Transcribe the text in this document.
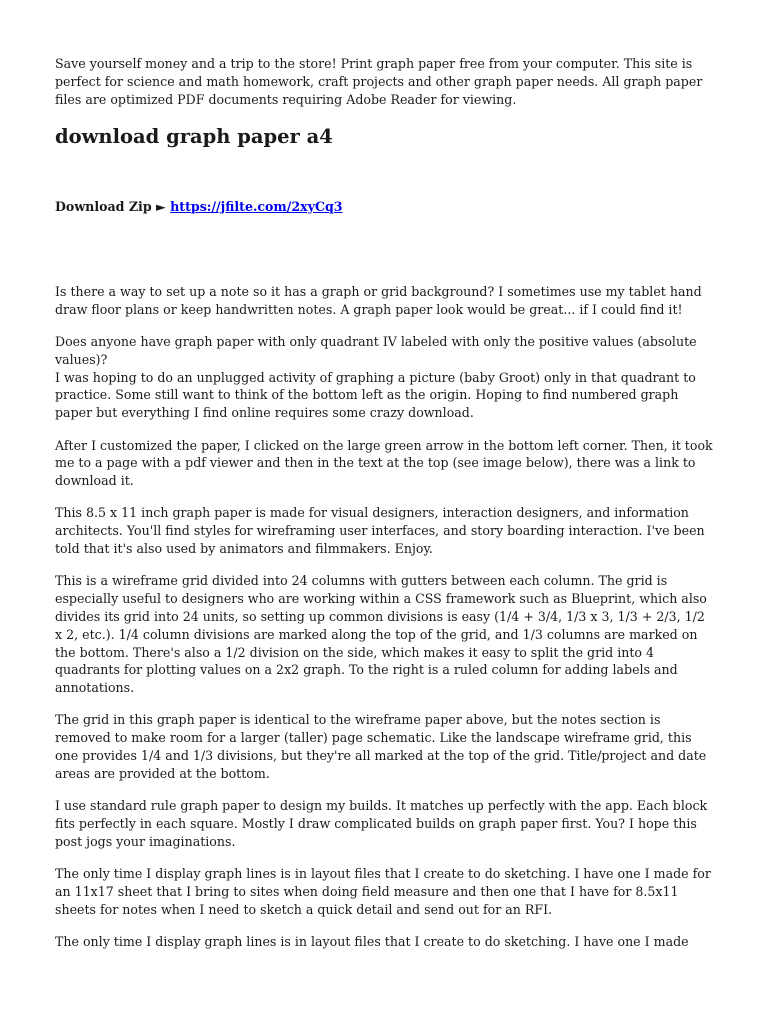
Save yourself money and a trip to the store! Print graph paper free from your computer. This site is perfect for science and math homework, craft projects and other graph paper needs. All graph paper files are optimized PDF documents requiring Adobe Reader for viewing.

download graph paper a4
Download Zip ► https://jfilte.com/2xyCq3

Is there a way to set up a note so it has a graph or grid background? I sometimes use my tablet hand draw floor plans or keep handwritten notes. A graph paper look would be great... if I could find it!

Does anyone have graph paper with only quadrant IV labeled with only the positive values (absolute values)?
I was hoping to do an unplugged activity of graphing a picture (baby Groot) only in that quadrant to practice. Some still want to think of the bottom left as the origin. Hoping to find numbered graph paper but everything I find online requires some crazy download.

After I customized the paper, I clicked on the large green arrow in the bottom left corner. Then, it took me to a page with a pdf viewer and then in the text at the top (see image below), there was a link to download it.

This 8.5 x 11 inch graph paper is made for visual designers, interaction designers, and information architects. You'll find styles for wireframing user interfaces, and story boarding interaction. I've been told that it's also used by animators and filmmakers. Enjoy.

This is a wireframe grid divided into 24 columns with gutters between each column. The grid is especially useful to designers who are working within a CSS framework such as Blueprint, which also divides its grid into 24 units, so setting up common divisions is easy (1/4 + 3/4, 1/3 x 3, 1/3 + 2/3, 1/2 x 2, etc.). 1/4 column divisions are marked along the top of the grid, and 1/3 columns are marked on the bottom. There's also a 1/2 division on the side, which makes it easy to split the grid into 4 quadrants for plotting values on a 2x2 graph. To the right is a ruled column for adding labels and annotations.

The grid in this graph paper is identical to the wireframe paper above, but the notes section is removed to make room for a larger (taller) page schematic. Like the landscape wireframe grid, this one provides 1/4 and 1/3 divisions, but they're all marked at the top of the grid. Title/project and date areas are provided at the bottom.

I use standard rule graph paper to design my builds. It matches up perfectly with the app. Each block fits perfectly in each square. Mostly I draw complicated builds on graph paper first. You? I hope this post jogs your imaginations.

The only time I display graph lines is in layout files that I create to do sketching. I have one I made for an 11x17 sheet that I bring to sites when doing field measure and then one that I have for 8.5x11 sheets for notes when I need to sketch a quick detail and send out for an RFI.

The only time I display graph lines is in layout files that I create to do sketching. I have one I made
